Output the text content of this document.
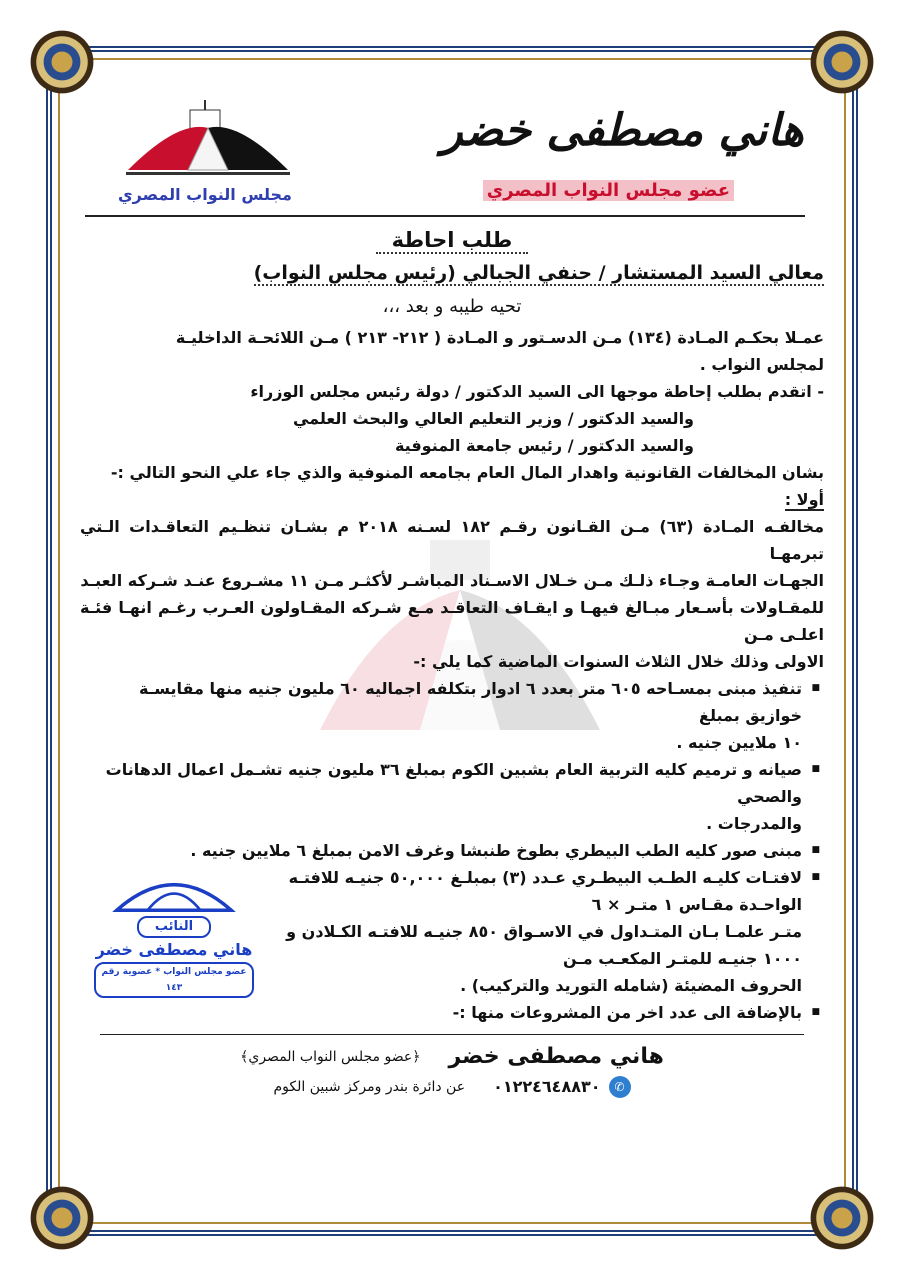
هاني مصطفى خضر
عضو مجلس النواب المصري
مجلس النواب المصري
طلب احاطة
معالي السيد المستشار / حنفي الجبالي (رئيس مجلس النواب)
تحيه طيبه و بعد ،،،
عمـلا بحكـم المـادة (١٣٤) مـن الدسـتور و المـادة ( ٢١٢- ٢١٣ ) مـن اللائحـة الداخليـة
لمجلس النواب .
- اتقدم بطلب إحاطة موجها الى السيد الدكتور / دولة رئيس مجلس الوزراء
والسيد الدكتور / وزير التعليم العالي والبحث العلمي
والسيد الدكتور / رئيس جامعة المنوفية
بشان المخالفات القانونية واهدار المال العام بجامعه المنوفية والذي جاء علي النحو التالي :-
أولا :
مخالفـه المـادة (٦٣) مـن القـانون رقـم ١٨٢ لسـنه ٢٠١٨ م بشـان تنظـيم التعاقـدات الـتي تبرمهـا
الجهـات العامـة وجـاء ذلـك مـن خـلال الاسـناد المباشـر لأكثـر مـن ١١ مشـروع عنـد شـركه العبـد
للمقـاولات بأسـعار مبـالغ فيهـا و ايقـاف التعاقـد مـع شـركه المقـاولون العـرب رغـم انهـا فئـة اعلـى مـن
الاولى وذلك خلال الثلاث السنوات الماضية كما يلي :-
■ تنفيذ مبنى بمسـاحه ٦٠٥ متر بعدد ٦ ادوار بتكلفه اجماليه ٦٠ مليون جنيه منها مقايسـة خوازيق بمبلغ
١٠ ملايين جنيه .
■ صيانه و ترميم كليه التربية العام بشبين الكوم بمبلغ ٣٦ مليون جنيه تشـمل اعمال الدهانات والصحي
والمدرجات .
■ مبنى صور كليه الطب البيطري بطوخ طنبشا وغرف الامن بمبلغ ٦ ملايين جنيه .
النائب
هاني مصطفى خضر
عضو مجلس النواب * عضوية رقم ١٤٣
■ لافتـات كليـه الطـب البيطـري عـدد (٣) بمبلـغ ٥٠,٠٠٠ جنيـه للافتـه الواحـدة مقـاس ١ متـر × ٦
متـر علمـا بـان المتـداول في الاسـواق ٨٥٠ جنيـه للافتـه الكـلادن و ١٠٠٠ جنيـه للمتـر المكعـب مـن
الحروف المضيئة (شامله التوريد والتركيب) .
■ بالإضافة الى عدد اخر من المشروعات منها :-
هاني مصطفى خضر
﴿عضو مجلس النواب المصري﴾
✆
٠١٢٢٤٦٤٨٨٣٠
عن دائرة بندر ومركز شبين الكوم
